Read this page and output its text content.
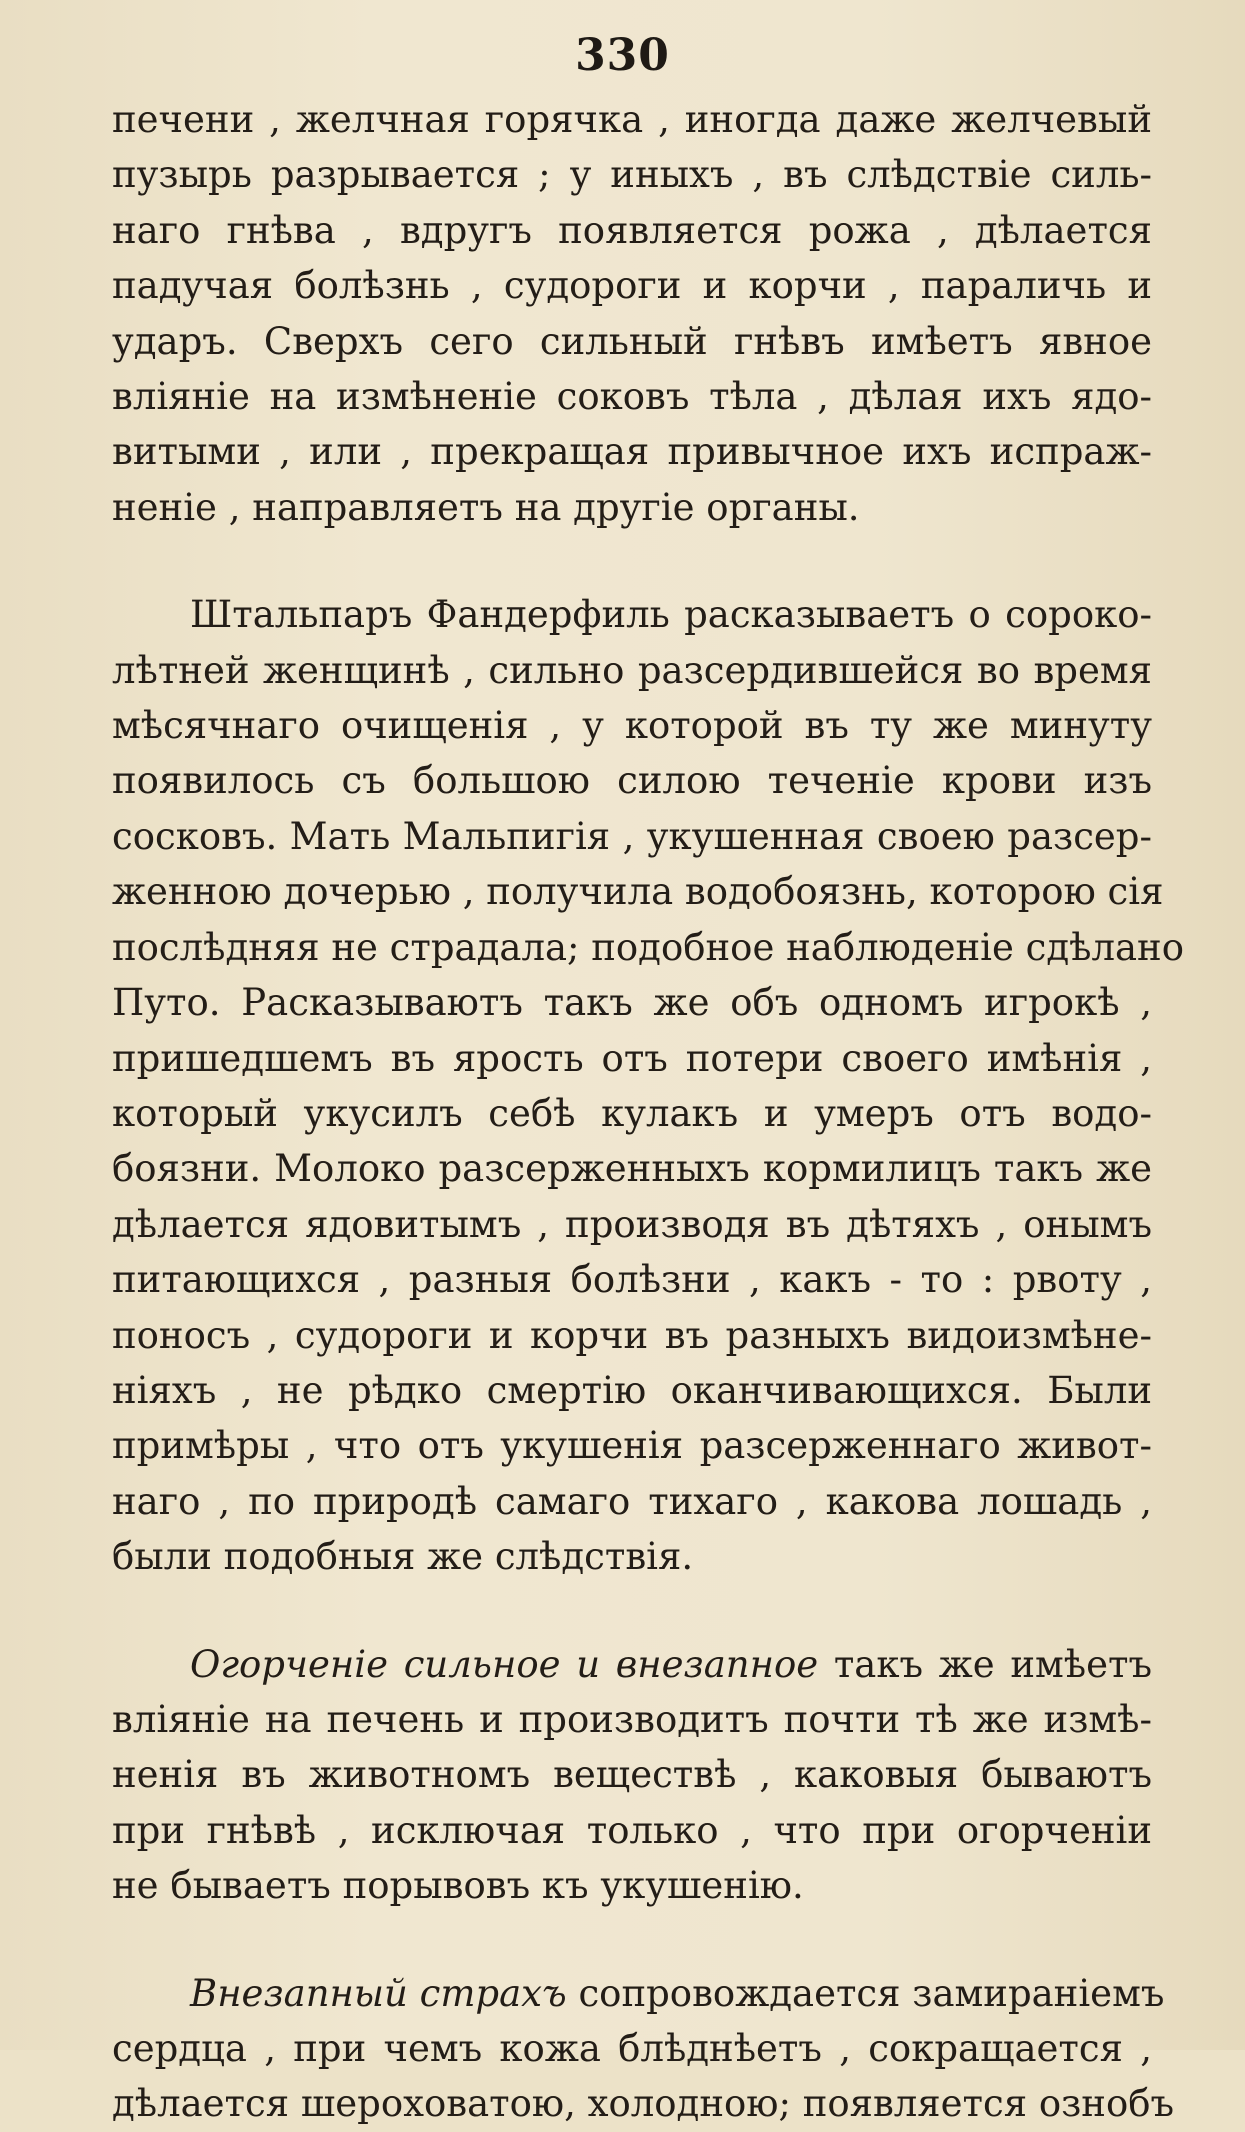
330
печени , желчная горячка , иногда даже желчевый
пузырь разрывается ; у иныхъ , въ слѣдствіе силь-
наго гнѣва , вдругъ появляется рожа , дѣлается
падучая болѣзнь , судороги и корчи , параличь и
ударъ. Сверхъ сего сильный гнѣвъ имѣетъ явное
вліяніе на измѣненіе соковъ тѣла , дѣлая ихъ ядо-
витыми , или , прекращая привычное ихъ испраж-
неніе , направляетъ на другіе органы.
Штальпаръ Фандерфиль расказываетъ о сороко-
лѣтней женщинѣ , сильно разсердившейся во время
мѣсячнаго очищенія , у которой въ ту же минуту
появилось съ большою силою теченіе крови изъ
сосковъ. Мать Мальпигія , укушенная своею разсер-
женною дочерью , получила водобоязнь, которою сія
послѣдняя не страдала; подобное наблюденіе сдѣлано
Путо. Расказываютъ такъ же объ одномъ игрокѣ ,
пришедшемъ въ ярость отъ потери своего имѣнія ,
который укусилъ себѣ кулакъ и умеръ отъ водо-
боязни. Молоко разсерженныхъ кормилицъ такъ же
дѣлается ядовитымъ , производя въ дѣтяхъ , онымъ
питающихся , разныя болѣзни , какъ - то : рвоту ,
поносъ , судороги и корчи въ разныхъ видоизмѣне-
ніяхъ , не рѣдко смертію оканчивающихся. Были
примѣры , что отъ укушенія разсерженнаго живот-
наго , по природѣ самаго тихаго , какова лошадь ,
были подобныя же слѣдствія.
Огорченіе сильное и внезапное такъ же имѣетъ
вліяніе на печень и производитъ почти тѣ же измѣ-
ненія въ животномъ веществѣ , каковыя бываютъ
при гнѣвѣ , исключая только , что при огорченіи
не бываетъ порывовъ къ укушенію.
Внезапный страхъ сопровождается замираніемъ
сердца , при чемъ кожа блѣднѣетъ , сокращается ,
дѣлается шероховатою, холодною; появляется ознобъ
